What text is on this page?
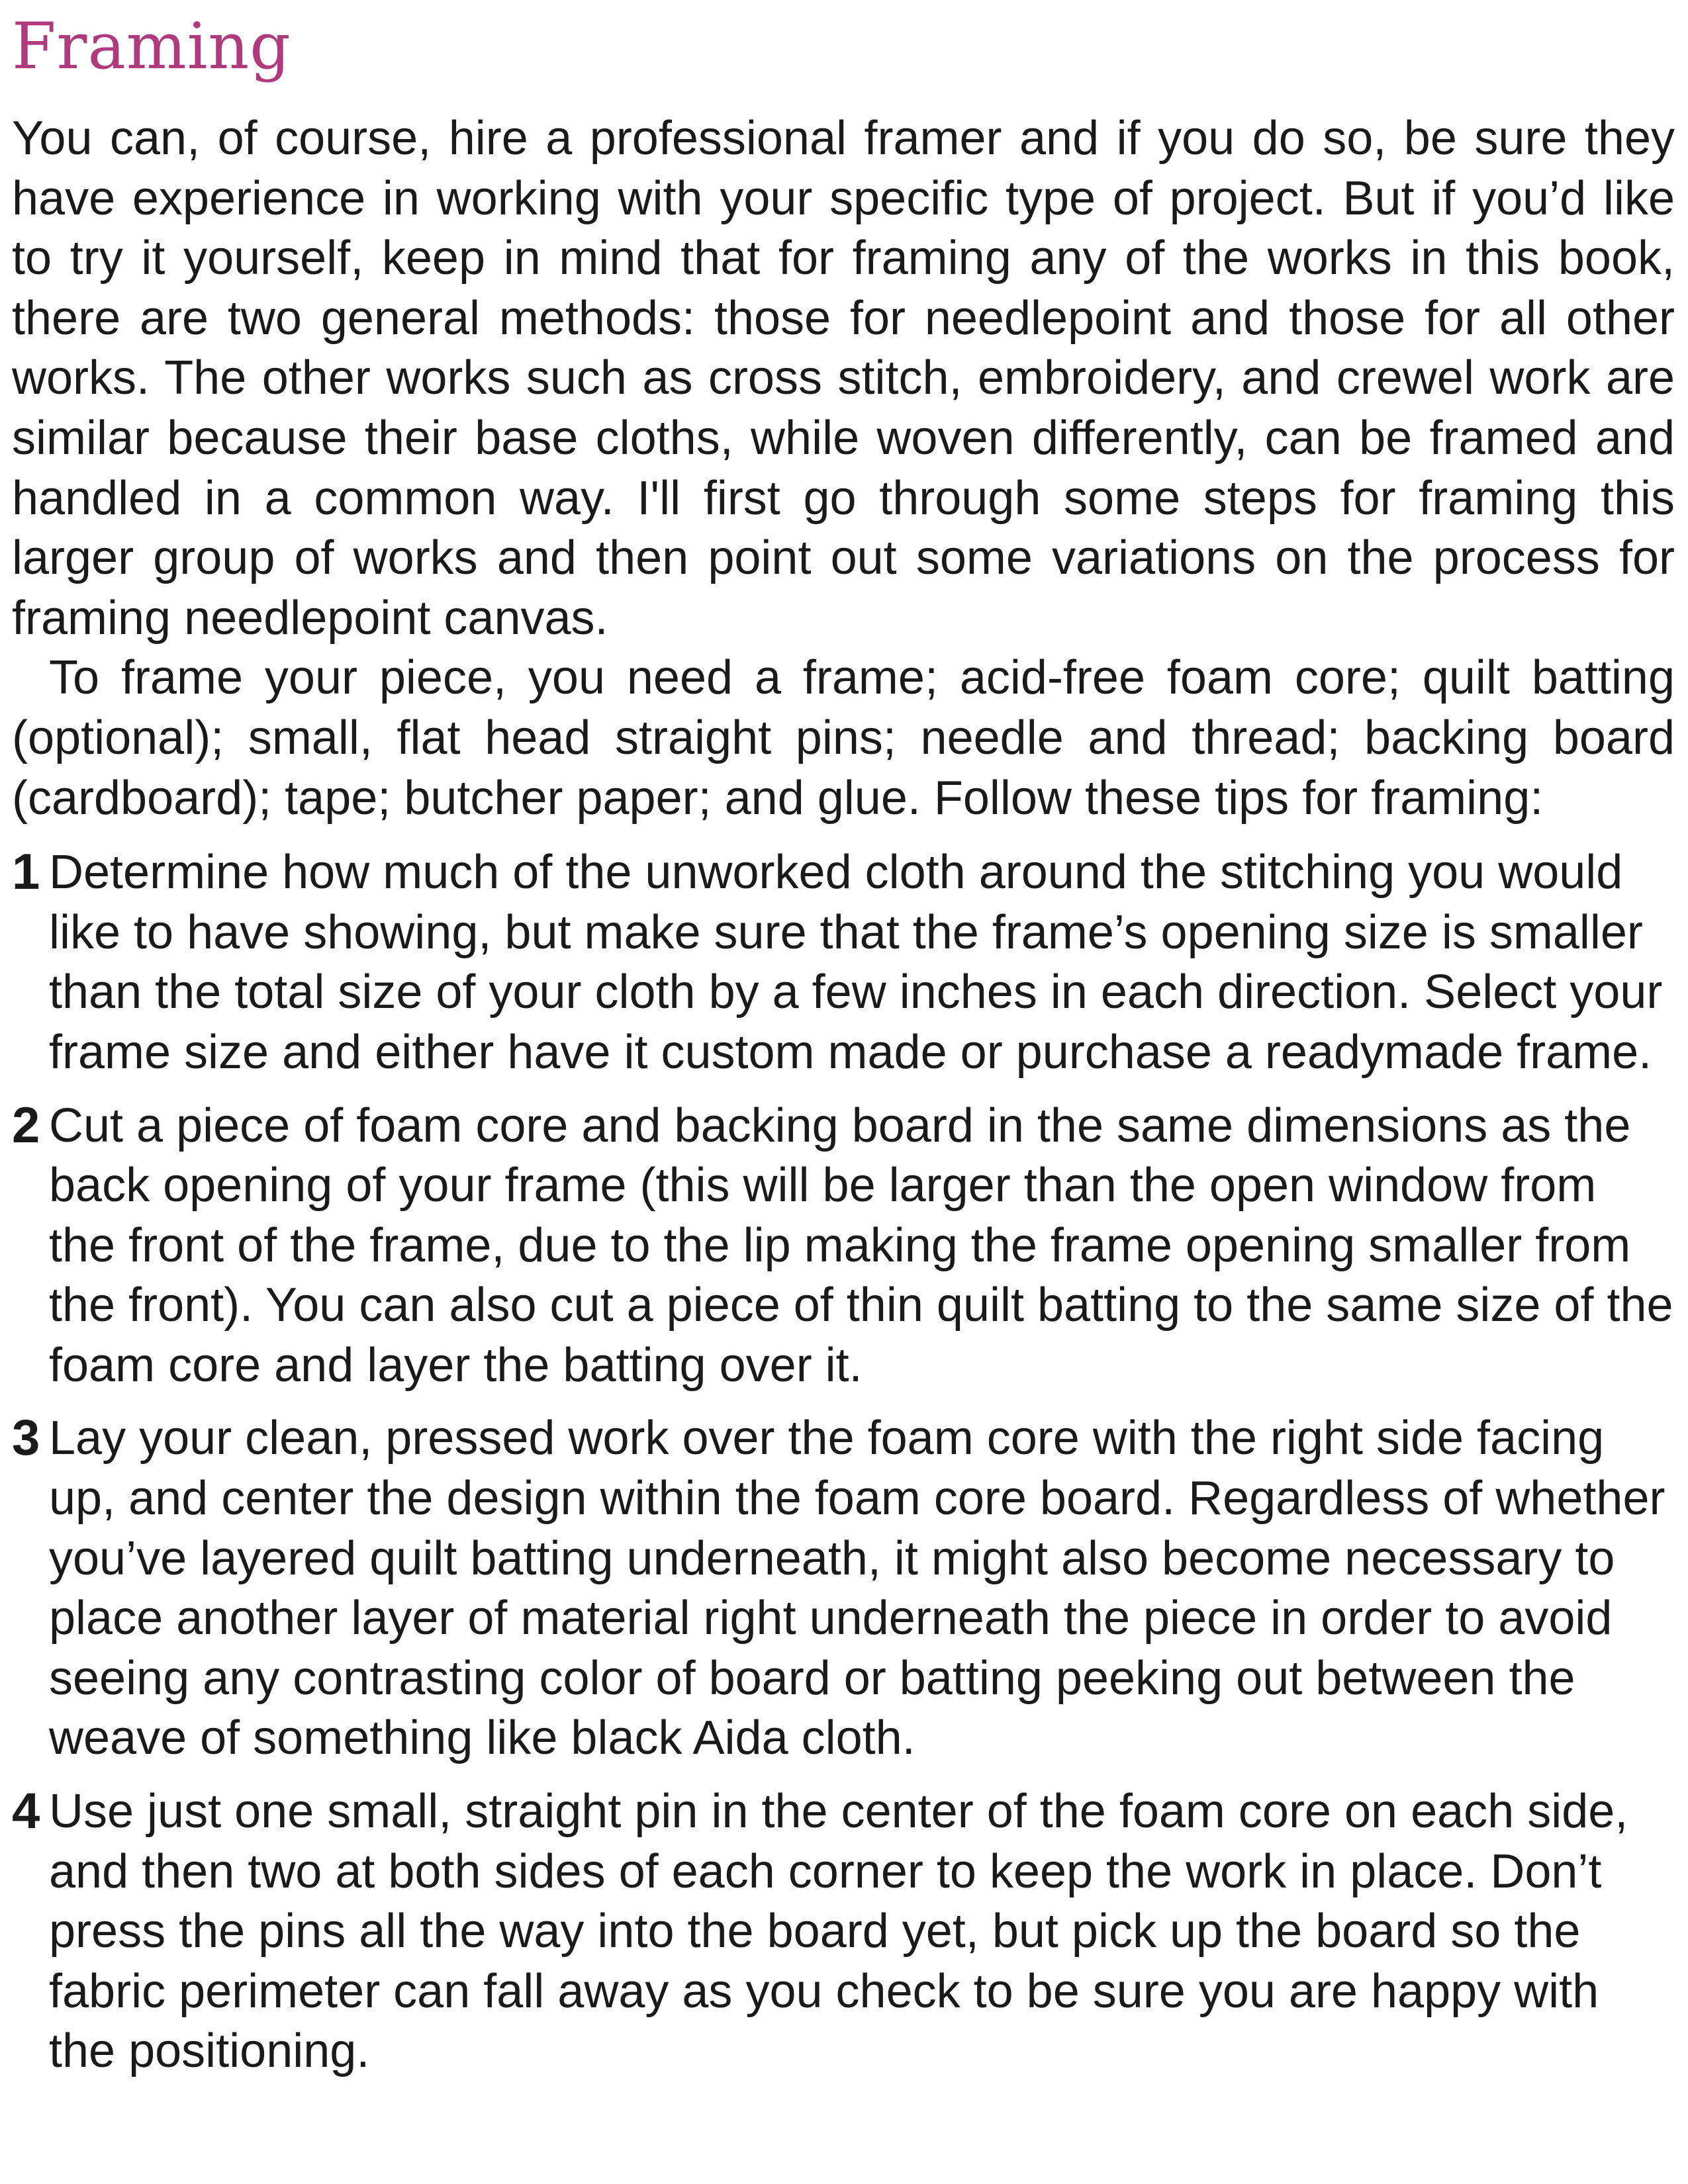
Framing

You can, of course, hire a professional framer and if you do so, be sure they have experience in working with your specific type of project. But if you’d like to try it yourself, keep in mind that for framing any of the works in this book, there are two general methods: those for needlepoint and those for all other works. The other works such as cross stitch, embroidery, and crewel work are similar because their base cloths, while woven differently, can be framed and handled in a common way. I'll first go through some steps for framing this larger group of works and then point out some variations on the process for framing needlepoint canvas.

To frame your piece, you need a frame; acid-free foam core; quilt batting (optional); small, flat head straight pins; needle and thread; backing board (cardboard); tape; butcher paper; and glue. Follow these tips for framing:

1 Determine how much of the unworked cloth around the stitching you would like to have showing, but make sure that the frame’s opening size is smaller than the total size of your cloth by a few inches in each direction. Select your frame size and either have it custom made or purchase a readymade frame.
2 Cut a piece of foam core and backing board in the same dimensions as the back opening of your frame (this will be larger than the open window from the front of the frame, due to the lip making the frame opening smaller from the front). You can also cut a piece of thin quilt batting to the same size of the foam core and layer the batting over it.
3 Lay your clean, pressed work over the foam core with the right side facing up, and center the design within the foam core board. Regardless of whether you’ve layered quilt batting underneath, it might also become necessary to place another layer of material right underneath the piece in order to avoid seeing any contrasting color of board or batting peeking out between the weave of something like black Aida cloth.
4 Use just one small, straight pin in the center of the foam core on each side, and then two at both sides of each corner to keep the work in place. Don’t press the pins all the way into the board yet, but pick up the board so the fabric perimeter can fall away as you check to be sure you are happy with the positioning.
